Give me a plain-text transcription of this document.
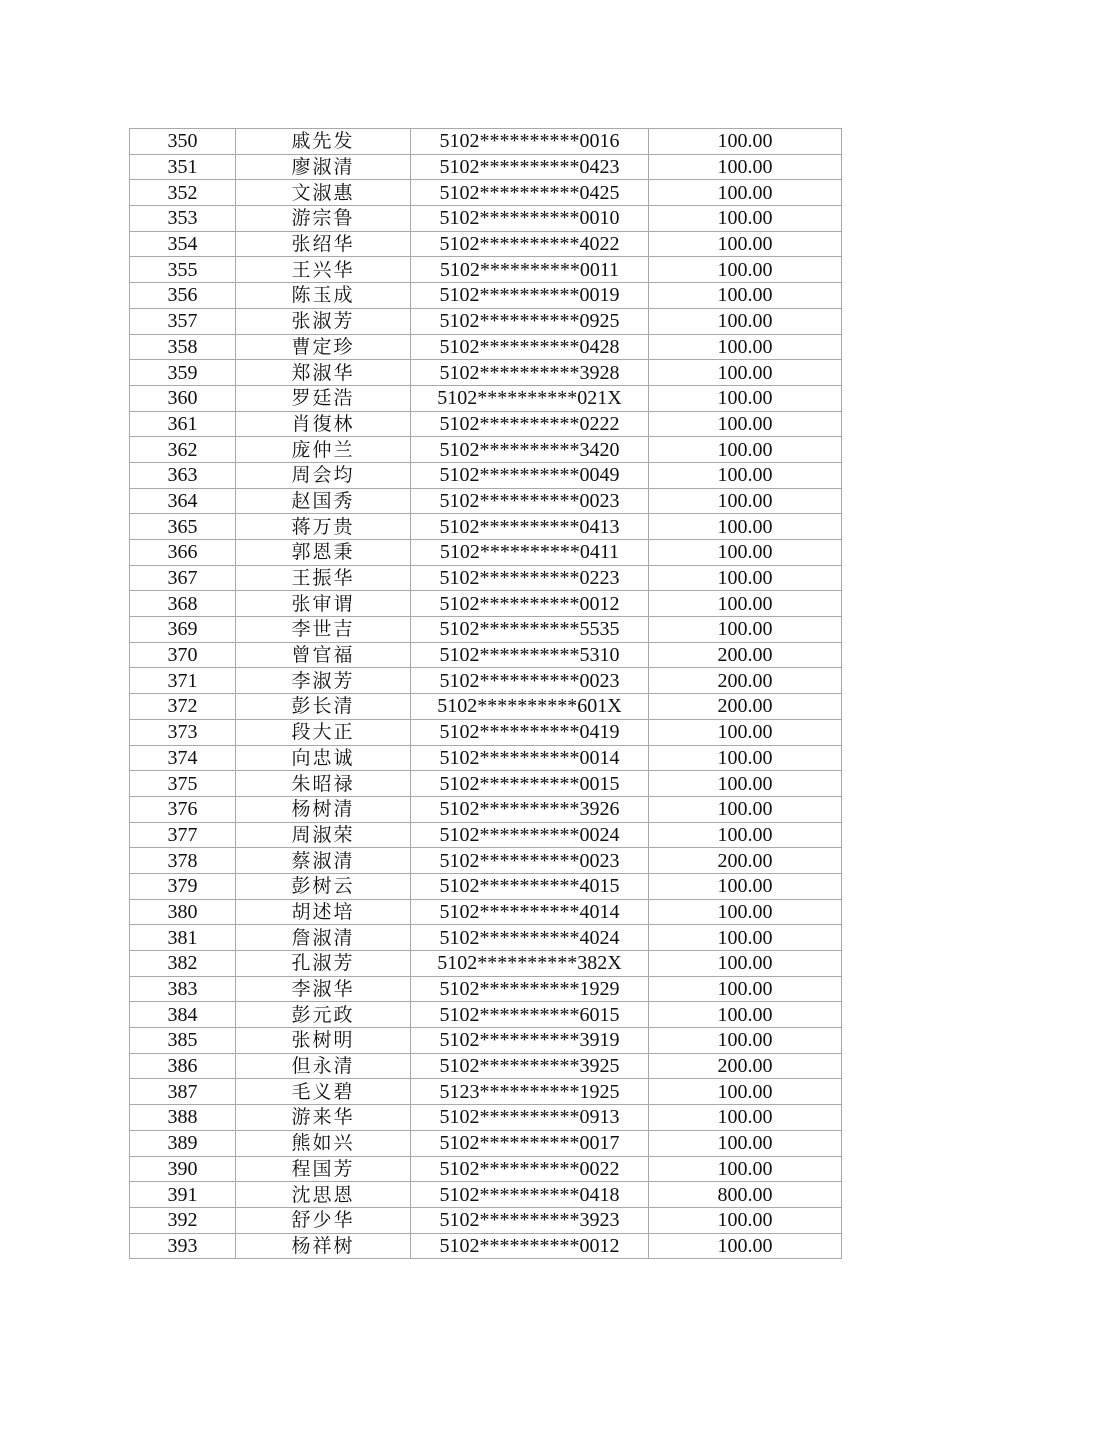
350	戚先发	5102**********0016	100.00
351	廖淑清	5102**********0423	100.00
352	文淑惠	5102**********0425	100.00
353	游宗鲁	5102**********0010	100.00
354	张绍华	5102**********4022	100.00
355	王兴华	5102**********0011	100.00
356	陈玉成	5102**********0019	100.00
357	张淑芳	5102**********0925	100.00
358	曹定珍	5102**********0428	100.00
359	郑淑华	5102**********3928	100.00
360	罗廷浩	5102**********021X	100.00
361	肖復林	5102**********0222	100.00
362	庞仲兰	5102**********3420	100.00
363	周会均	5102**********0049	100.00
364	赵国秀	5102**********0023	100.00
365	蒋万贵	5102**********0413	100.00
366	郭恩秉	5102**********0411	100.00
367	王振华	5102**********0223	100.00
368	张审谓	5102**********0012	100.00
369	李世吉	5102**********5535	100.00
370	曾官福	5102**********5310	200.00
371	李淑芳	5102**********0023	200.00
372	彭长清	5102**********601X	200.00
373	段大正	5102**********0419	100.00
374	向忠诚	5102**********0014	100.00
375	朱昭禄	5102**********0015	100.00
376	杨树清	5102**********3926	100.00
377	周淑荣	5102**********0024	100.00
378	蔡淑清	5102**********0023	200.00
379	彭树云	5102**********4015	100.00
380	胡述培	5102**********4014	100.00
381	詹淑清	5102**********4024	100.00
382	孔淑芳	5102**********382X	100.00
383	李淑华	5102**********1929	100.00
384	彭元政	5102**********6015	100.00
385	张树明	5102**********3919	100.00
386	但永清	5102**********3925	200.00
387	毛义碧	5123**********1925	100.00
388	游来华	5102**********0913	100.00
389	熊如兴	5102**********0017	100.00
390	程国芳	5102**********0022	100.00
391	沈思恩	5102**********0418	800.00
392	舒少华	5102**********3923	100.00
393	杨祥树	5102**********0012	100.00
